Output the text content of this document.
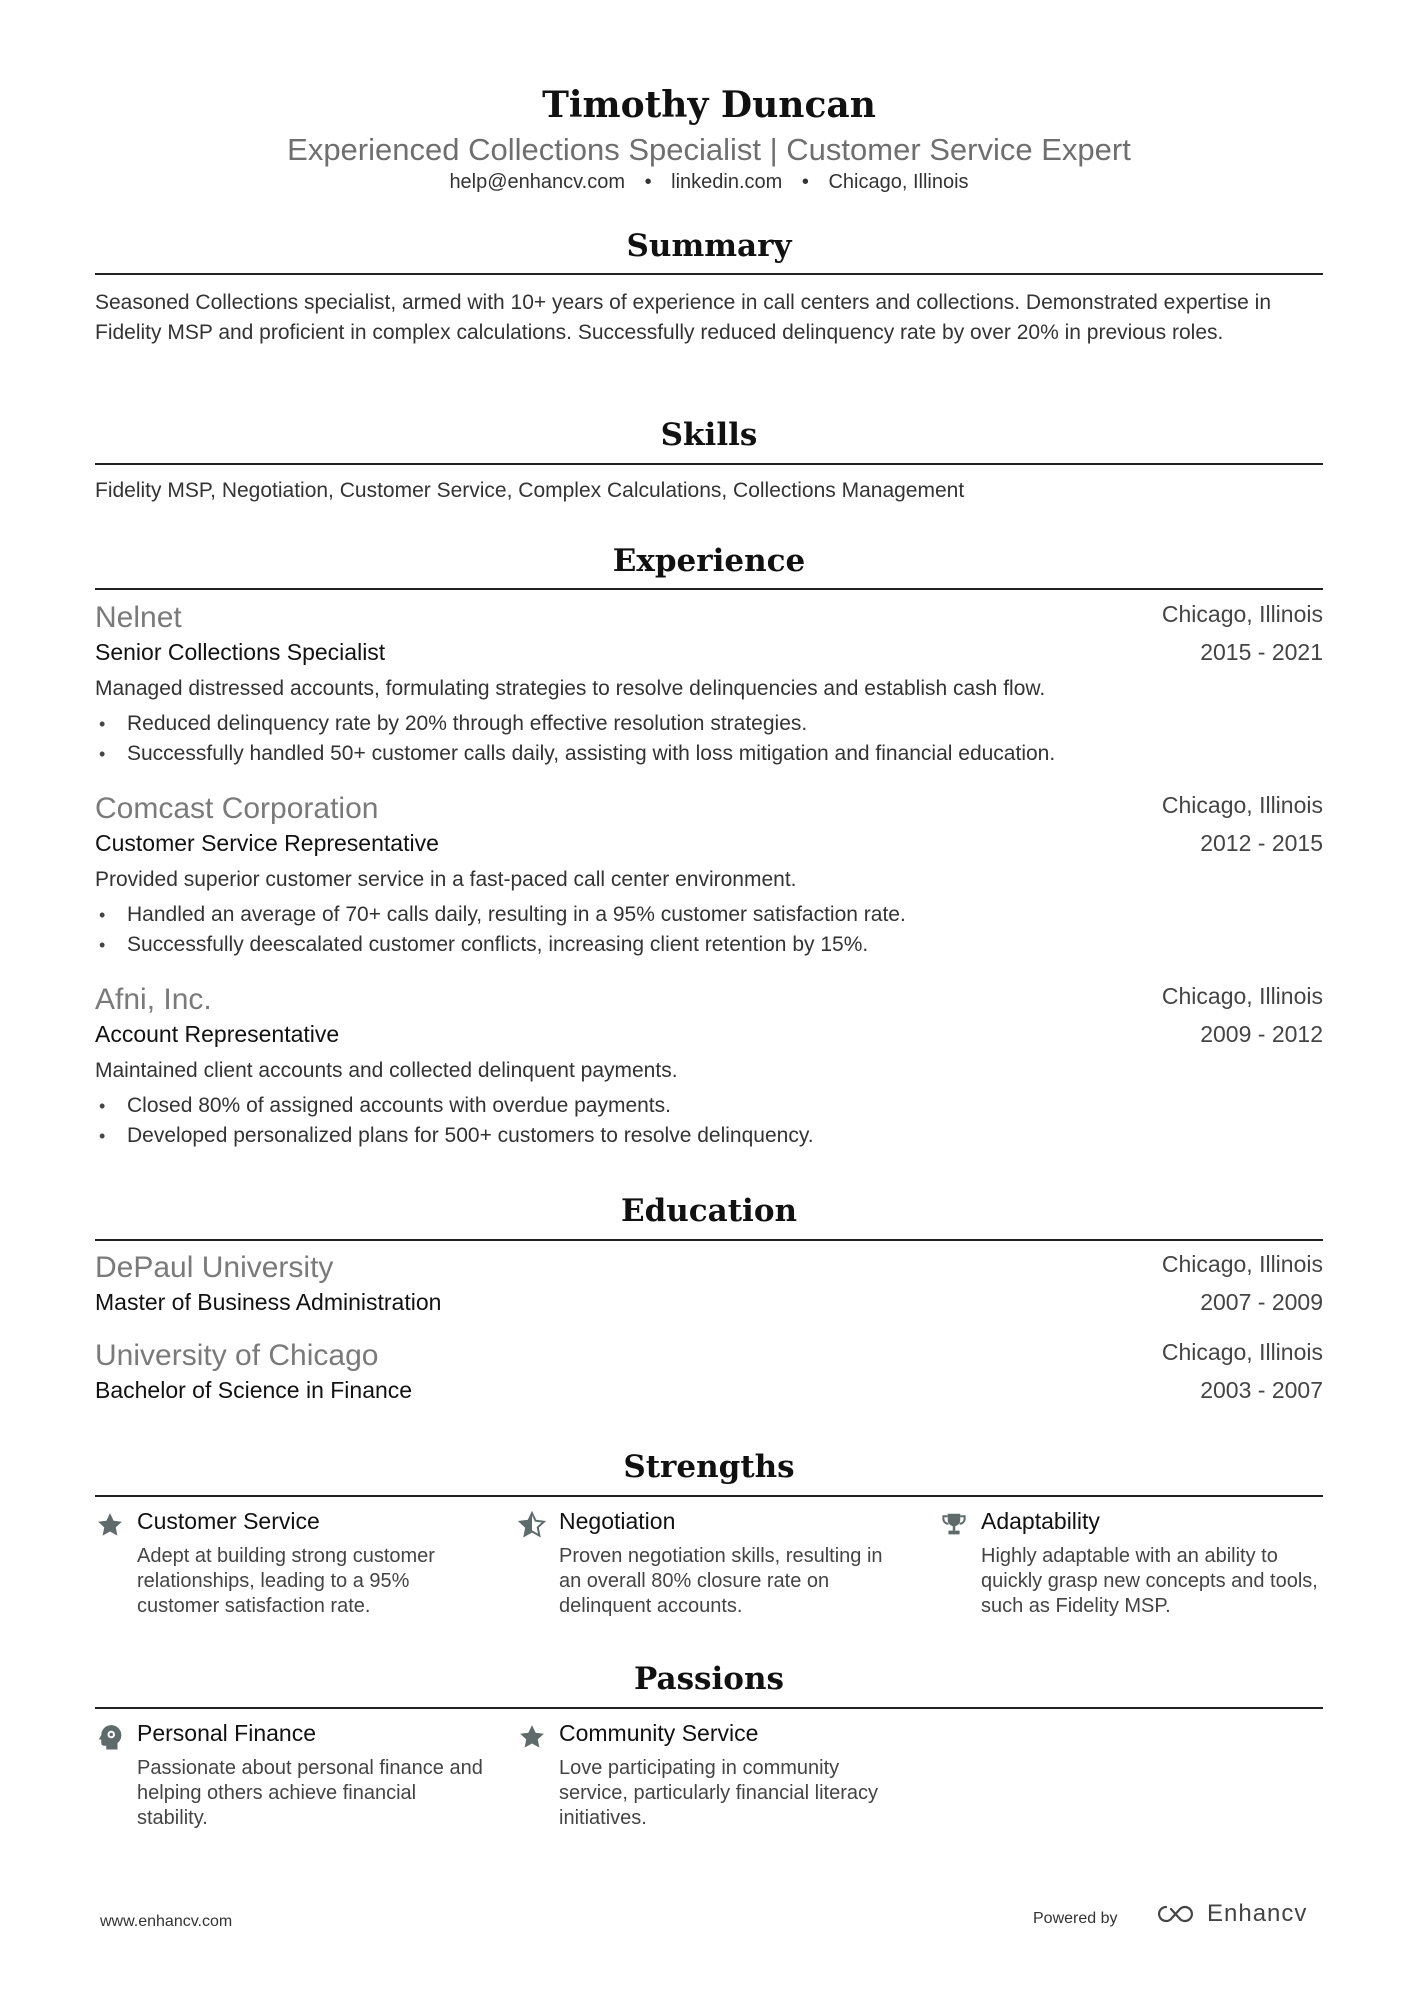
Timothy Duncan
Experienced Collections Specialist | Customer Service Expert
help@enhancv.com • linkedin.com • Chicago, Illinois
Summary
Seasoned Collections specialist, armed with 10+ years of experience in call centers and collections. Demonstrated expertise in Fidelity MSP and proficient in complex calculations. Successfully reduced delinquency rate by over 20% in previous roles.
Skills
Fidelity MSP, Negotiation, Customer Service, Complex Calculations, Collections Management
Experience
Nelnet	Chicago, Illinois
Senior Collections Specialist	2015 - 2021
Managed distressed accounts, formulating strategies to resolve delinquencies and establish cash flow.
• Reduced delinquency rate by 20% through effective resolution strategies.
• Successfully handled 50+ customer calls daily, assisting with loss mitigation and financial education.
Comcast Corporation	Chicago, Illinois
Customer Service Representative	2012 - 2015
Provided superior customer service in a fast-paced call center environment.
• Handled an average of 70+ calls daily, resulting in a 95% customer satisfaction rate.
• Successfully deescalated customer conflicts, increasing client retention by 15%.
Afni, Inc.	Chicago, Illinois
Account Representative	2009 - 2012
Maintained client accounts and collected delinquent payments.
• Closed 80% of assigned accounts with overdue payments.
• Developed personalized plans for 500+ customers to resolve delinquency.
Education
DePaul University	Chicago, Illinois
Master of Business Administration	2007 - 2009
University of Chicago	Chicago, Illinois
Bachelor of Science in Finance	2003 - 2007
Strengths
Customer Service
Adept at building strong customer relationships, leading to a 95% customer satisfaction rate.
Negotiation
Proven negotiation skills, resulting in an overall 80% closure rate on delinquent accounts.
Adaptability
Highly adaptable with an ability to quickly grasp new concepts and tools, such as Fidelity MSP.
Passions
Personal Finance
Passionate about personal finance and helping others achieve financial stability.
Community Service
Love participating in community service, particularly financial literacy initiatives.
www.enhancv.com	Powered by	Enhancv
